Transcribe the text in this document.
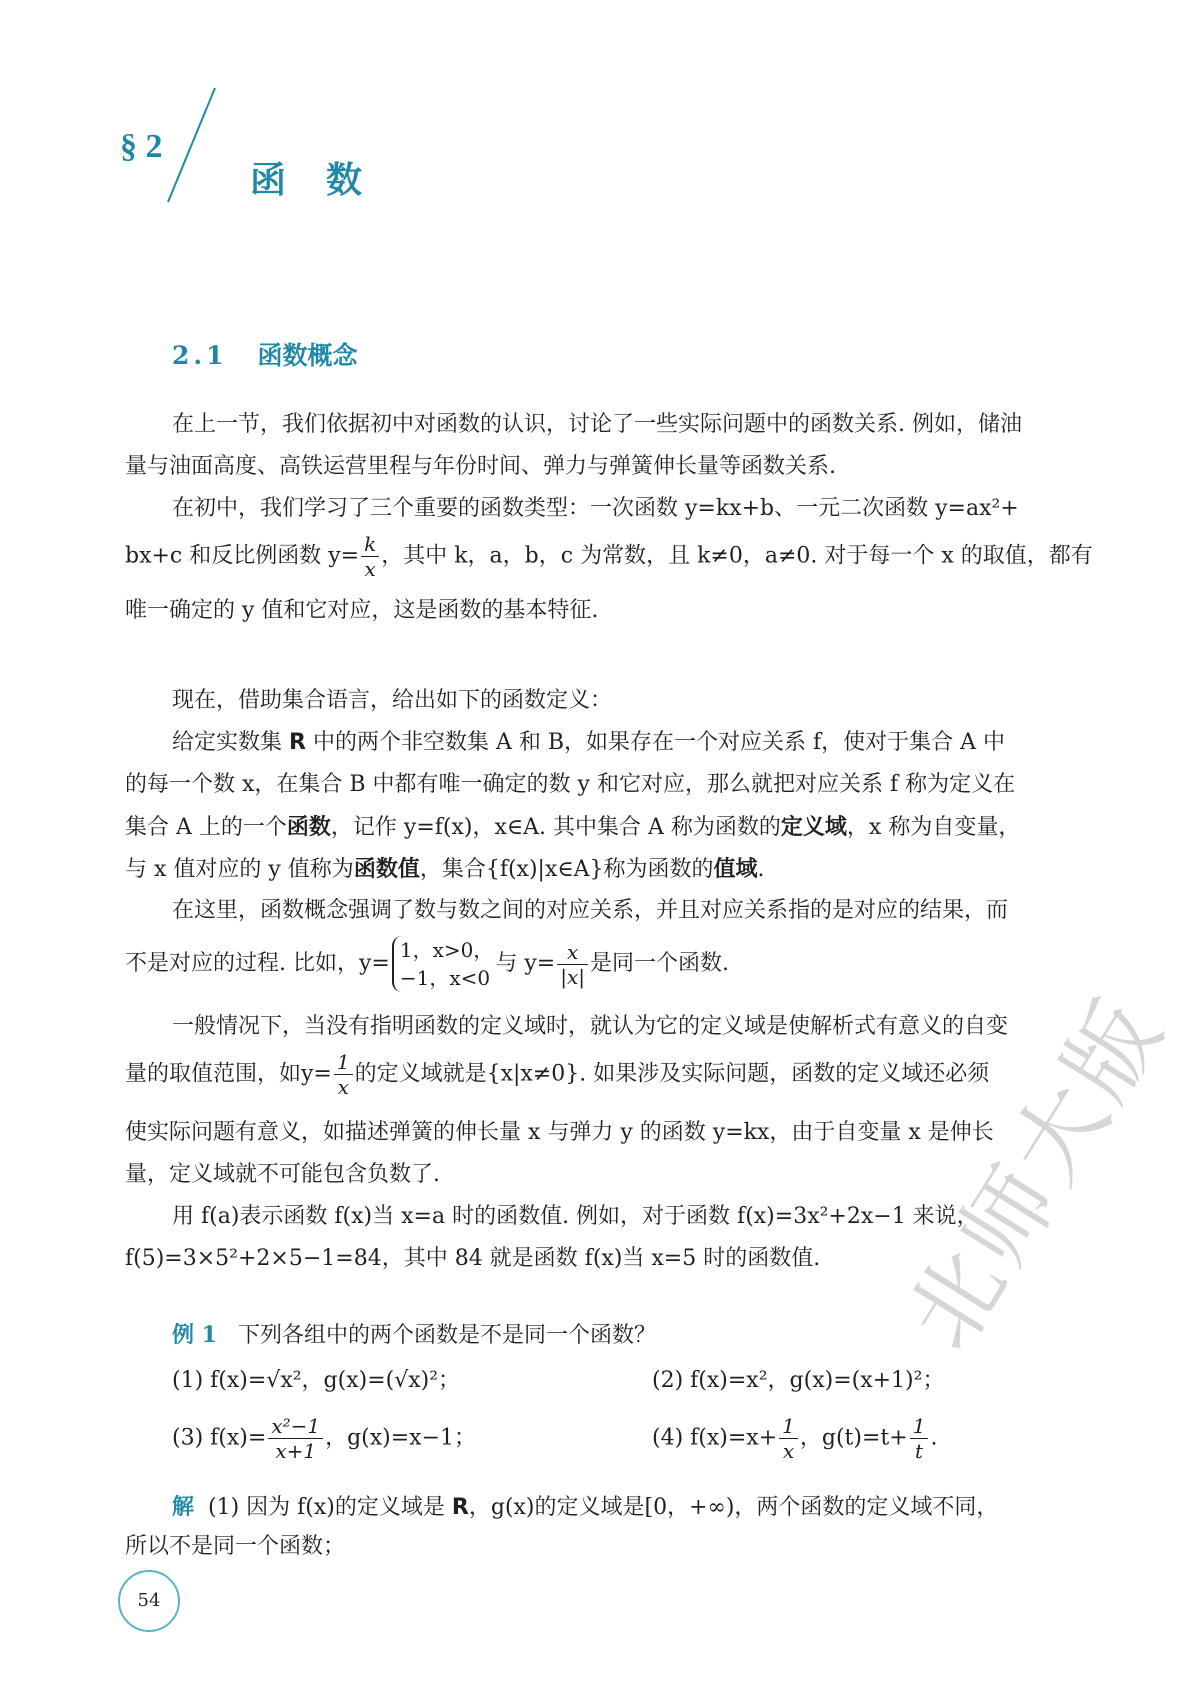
§ 2
函数
2.1 函数概念
在上一节，我们依据初中对函数的认识，讨论了一些实际问题中的函数关系. 例如，储油
量与油面高度、高铁运营里程与年份时间、弹力与弹簧伸长量等函数关系.
在初中，我们学习了三个重要的函数类型：一次函数 y=kx+b、一元二次函数 y=ax²+
bx+c 和反比例函数 $y= \frac{k}{x}$ ，其中 k，a，b，c 为常数，且 k≠0，a≠0. 对于每一个 x 的取值，都有
唯一确定的 y 值和它对应，这是函数的基本特征.
现在，借助集合语言，给出如下的函数定义：
给定实数集 R 中的两个非空数集 A 和 B，如果存在一个对应关系 f，使对于集合 A 中
的每一个数 x，在集合 B 中都有唯一确定的数 y 和它对应，那么就把对应关系 f 称为定义在
集合 A 上的一个函数，记作 y=f(x)，x∈A. 其中集合 A 称为函数的定义域，x 称为自变量，
与 x 值对应的 y 值称为函数值，集合{f(x)|x∈A}称为函数的值域.
在这里，函数概念强调了数与数之间的对应关系，并且对应关系指的是对应的结果，而
不是对应的过程. 比如，y=
1，x>0，
−1，x<0
与 $y= \frac{x}{|x|}$ 是同一个函数.
一般情况下，当没有指明函数的定义域时，就认为它的定义域是使解析式有意义的自变
量的取值范围，如$y= \frac{1}{x}$ 的定义域就是{x|x≠0}. 如果涉及实际问题，函数的定义域还必须
使实际问题有意义，如描述弹簧的伸长量 x 与弹力 y 的函数 y=kx，由于自变量 x 是伸长
量，定义域就不可能包含负数了.
用 f(a)表示函数 f(x)当 x=a 时的函数值. 例如，对于函数 f(x)=3x²+2x−1 来说，
f(5)=3×5²+2×5−1=84，其中 84 就是函数 f(x)当 x=5 时的函数值.
例 1 下列各组中的两个函数是不是同一个函数？
(1) f(x)=√x²，g(x)=(√x)²；	(2) f(x)=x²，g(x)=(x+1)²；
(3) $f(x)= \frac{\text{x²−1}}{x+1}$ ，g(x)=x−1；	(4) $f(x)=x+ \frac{1}{x}$ ，$g(t)=t+ \frac{1}{t}$ .
解 (1) 因为 f(x)的定义域是 R，g(x)的定义域是[0，+∞)，两个函数的定义域不同，
所以不是同一个函数；
54
北师大版
